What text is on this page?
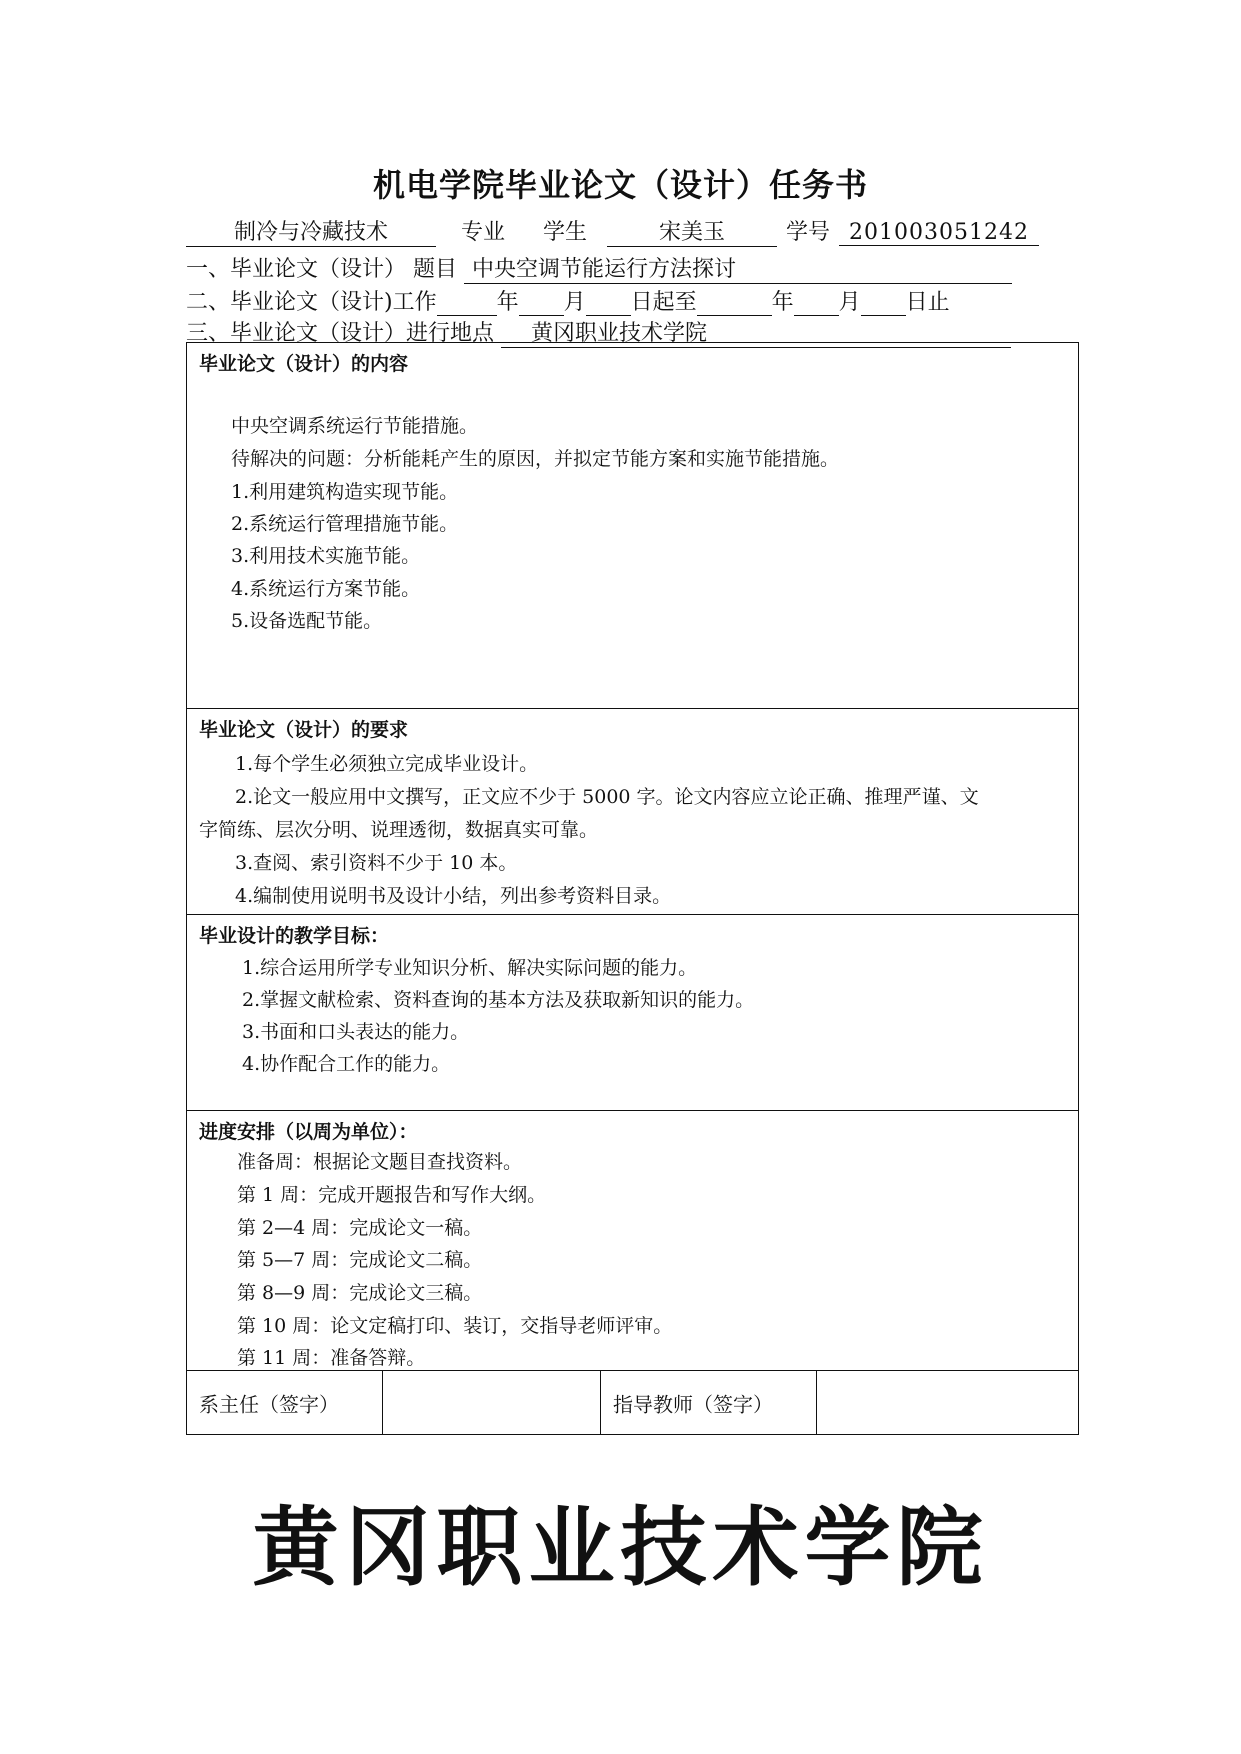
机电学院毕业论文（设计）任务书
制冷与冷藏技术	专业 学生	宋美玉	学号 201003051242
一、毕业论文（设计） 题目 中央空调节能运行方法探讨
二、毕业论文（设计)工作	年 月 日起至	年 月 日止
三、毕业论文（设计）进行地点 黄冈职业技术学院
毕业论文（设计）的内容
中央空调系统运行节能措施。
待解决的问题：分析能耗产生的原因，并拟定节能方案和实施节能措施。
1.利用建筑构造实现节能。
2.系统运行管理措施节能。
3.利用技术实施节能。
4.系统运行方案节能。
5.设备选配节能。
毕业论文（设计）的要求
1.每个学生必须独立完成毕业设计。
2.论文一般应用中文撰写，正文应不少于 5000 字。论文内容应立论正确、推理严谨、文
字简练、层次分明、说理透彻，数据真实可靠。
3.查阅、索引资料不少于 10 本。
4.编制使用说明书及设计小结，列出参考资料目录。
毕业设计的教学目标：
1.综合运用所学专业知识分析、解决实际问题的能力。
2.掌握文献检索、资料查询的基本方法及获取新知识的能力。
3.书面和口头表达的能力。
4.协作配合工作的能力。
进度安排（以周为单位）：
准备周：根据论文题目查找资料。
第 1 周：完成开题报告和写作大纲。
第 2—4 周：完成论文一稿。
第 5—7 周：完成论文二稿。
第 8—9 周：完成论文三稿。
第 10 周：论文定稿打印、装订，交指导老师评审。
第 11 周：准备答辩。
系主任（签字）	指导教师（签字）
黄冈职业技术学院
